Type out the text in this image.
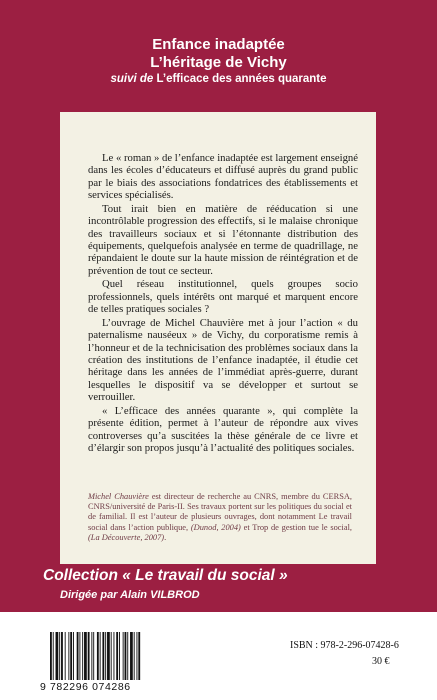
Enfance inadaptée
L’héritage de Vichy
suivi de L’efficace des années quarante

Le « roman » de l’enfance inadaptée est largement enseigné dans les écoles d’éducateurs et diffusé auprès du grand public par le biais des associations fondatrices des établissements et services spécialisés.

Tout irait bien en matière de rééducation si une incontrôlable progression des effectifs, si le malaise chronique des travailleurs sociaux et si l’étonnante distribution des équipements, quelquefois analysée en terme de quadrillage, ne répandaient le doute sur la haute mission de réintégration et de prévention de tout ce secteur.

Quel réseau institutionnel, quels groupes socio professionnels, quels intérêts ont marqué et marquent encore de telles pratiques sociales ?

L’ouvrage de Michel Chauvière met à jour l’action « du paternalisme nauséeux » de Vichy, du corporatisme remis à l’honneur et de la technicisation des problèmes sociaux dans la création des institutions de l’enfance inadaptée, il étudie cet héritage dans les années de l’immédiat après-guerre, durant lesquelles le dispositif va se développer et surtout se verrouiller.

« L’efficace des années quarante », qui complète la présente édition, permet à l’auteur de répondre aux vives controverses qu’a suscitées la thèse générale de ce livre et d’élargir son propos jusqu’à l’actualité des politiques sociales.

Michel Chauvière est directeur de recherche au CNRS, membre du CERSA, CNRS/université de Paris-II. Ses travaux portent sur les politiques du social et de familial. Il est l’auteur de plusieurs ouvrages, dont notamment Le travail social dans l’action publique, (Dunod, 2004) et Trop de gestion tue le social, (La Découverte, 2007).

Collection « Le travail du social »
Dirigée par Alain VILBROD
9 782296 074286
ISBN : 978-2-296-07428-6
30 €
